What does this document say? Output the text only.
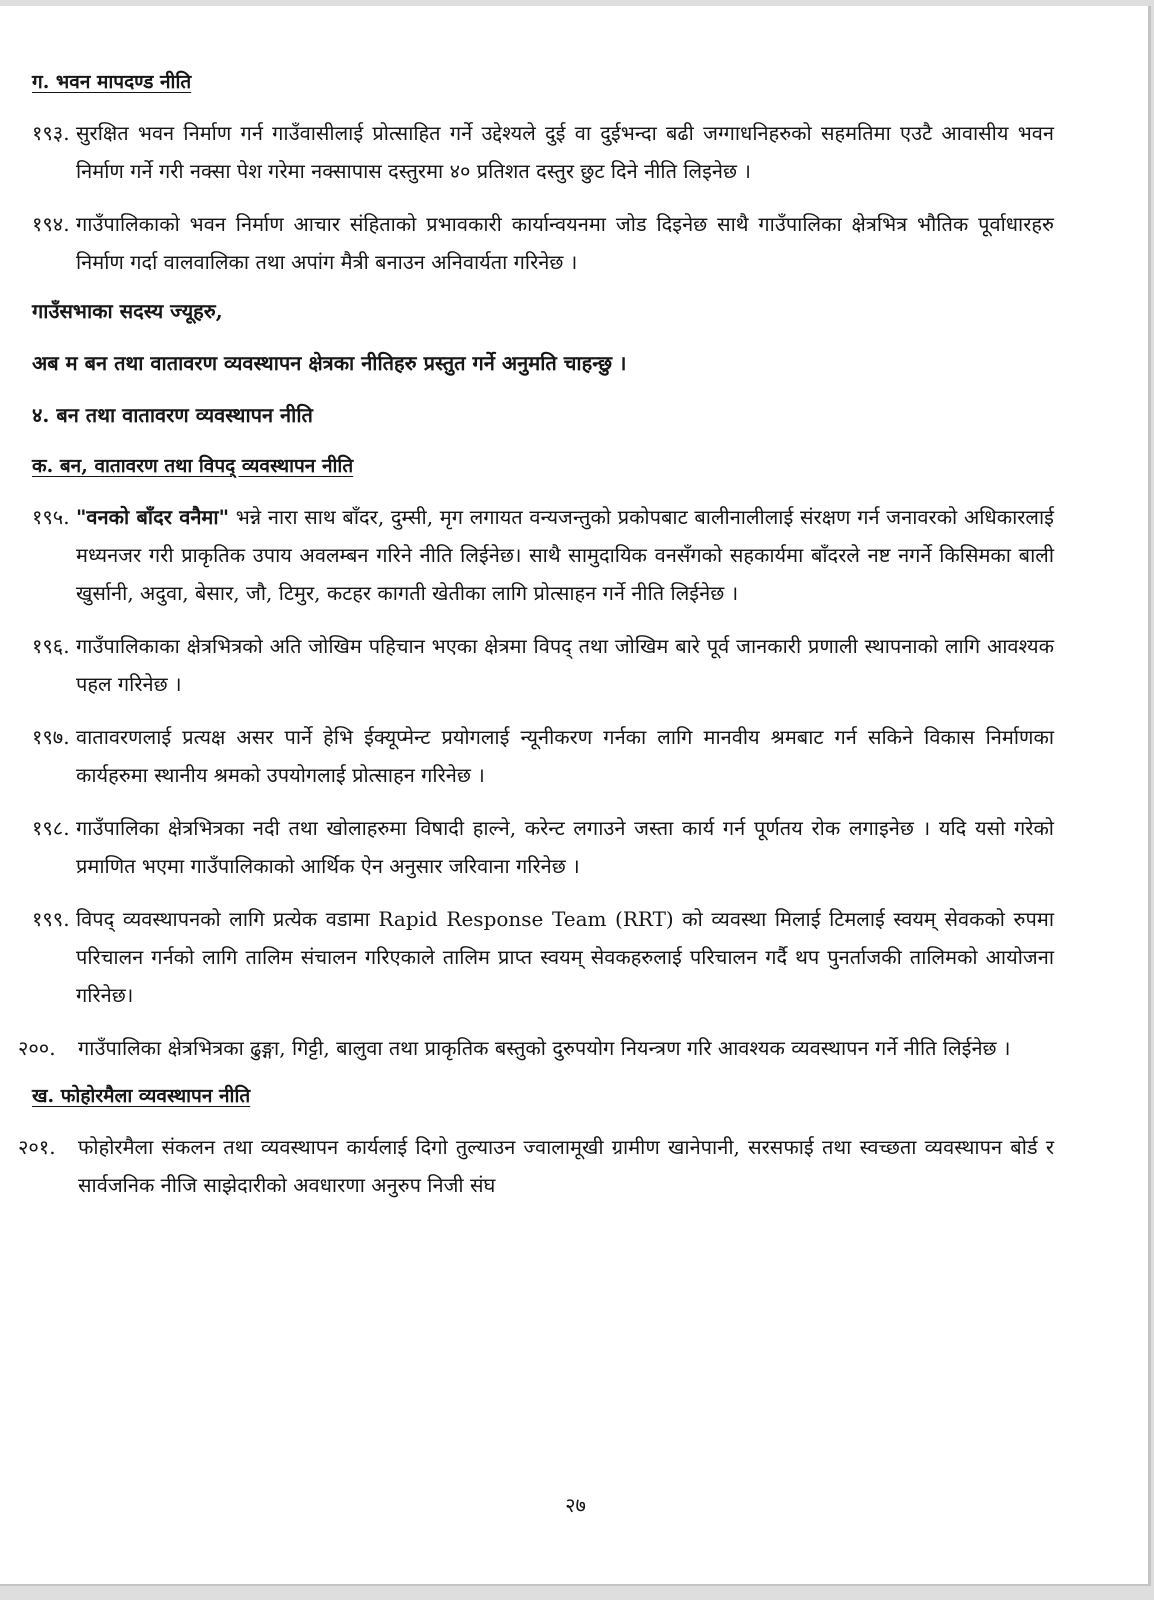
ग. भवन मापदण्ड नीति
१९३. सुरक्षित भवन निर्माण गर्न गाउँवासीलाई प्रोत्साहित गर्ने उद्देश्यले दुई वा दुईभन्दा बढी जग्गाधनिहरुको सहमतिमा एउटै आवासीय भवन निर्माण गर्ने गरी नक्सा पेश गरेमा नक्सापास दस्तुरमा ४० प्रतिशत दस्तुर छुट दिने नीति लिइनेछ ।
१९४. गाउँपालिकाको भवन निर्माण आचार संहिताको प्रभावकारी कार्यान्वयनमा जोड दिइनेछ साथै गाउँपालिका क्षेत्रभित्र भौतिक पूर्वाधारहरु निर्माण गर्दा वालवालिका तथा अपांग मैत्री बनाउन अनिवार्यता गरिनेछ ।
गाउँसभाका सदस्य ज्यूहरु,
अब म बन तथा वातावरण व्यवस्थापन क्षेत्रका नीतिहरु प्रस्तुत गर्ने अनुमति चाहन्छु ।
४. बन तथा वातावरण व्यवस्थापन नीति
क. बन, वातावरण तथा विपद् व्यवस्थापन नीति
१९५. "वनको बाँदर वनैमा" भन्ने नारा साथ बाँदर, दुम्सी, मृग लगायत वन्यजन्तुको प्रकोपबाट बालीनालीलाई संरक्षण गर्न जनावरको अधिकारलाई मध्यनजर गरी प्राकृतिक उपाय अवलम्बन गरिने नीति लिईनेछ। साथै सामुदायिक वनसँगको सहकार्यमा बाँदरले नष्ट नगर्ने किसिमका बाली खुर्सानी, अदुवा, बेसार, जौ, टिमुर, कटहर कागती खेतीका लागि प्रोत्साहन गर्ने नीति लिईनेछ ।
१९६. गाउँपालिकाका क्षेत्रभित्रको अति जोखिम पहिचान भएका क्षेत्रमा विपद् तथा जोखिम बारे पूर्व जानकारी प्रणाली स्थापनाको लागि आवश्यक पहल गरिनेछ ।
१९७. वातावरणलाई प्रत्यक्ष असर पार्ने हेभि ईक्यूप्मेन्ट प्रयोगलाई न्यूनीकरण गर्नका लागि मानवीय श्रमबाट गर्न सकिने विकास निर्माणका कार्यहरुमा स्थानीय श्रमको उपयोगलाई प्रोत्साहन गरिनेछ ।
१९८. गाउँपालिका क्षेत्रभित्रका नदी तथा खोलाहरुमा विषादी हाल्ने, करेन्ट लगाउने जस्ता कार्य गर्न पूर्णतय रोक लगाइनेछ । यदि यसो गरेको प्रमाणित भएमा गाउँपालिकाको आर्थिक ऐन अनुसार जरिवाना गरिनेछ ।
१९९. विपद् व्यवस्थापनको लागि प्रत्येक वडामा Rapid Response Team (RRT) को व्यवस्था मिलाई टिमलाई स्वयम् सेवकको रुपमा परिचालन गर्नको लागि तालिम संचालन गरिएकाले तालिम प्राप्त स्वयम् सेवकहरुलाई परिचालन गर्दै थप पुनर्ताजकी तालिमको आयोजना गरिनेछ।
२००.	गाउँपालिका क्षेत्रभित्रका ढुङ्गा, गिट्टी, बालुवा तथा प्राकृतिक बस्तुको दुरुपयोग नियन्त्रण गरि आवश्यक व्यवस्थापन गर्ने नीति लिईनेछ ।
ख. फोहोरमैला व्यवस्थापन नीति
२०१.	फोहोरमैला संकलन तथा व्यवस्थापन कार्यलाई दिगो तुल्याउन ज्वालामूखी ग्रामीण खानेपानी, सरसफाई तथा स्वच्छता व्यवस्थापन बोर्ड र सार्वजनिक नीजि साझेदारीको अवधारणा अनुरुप निजी संघ
२७
